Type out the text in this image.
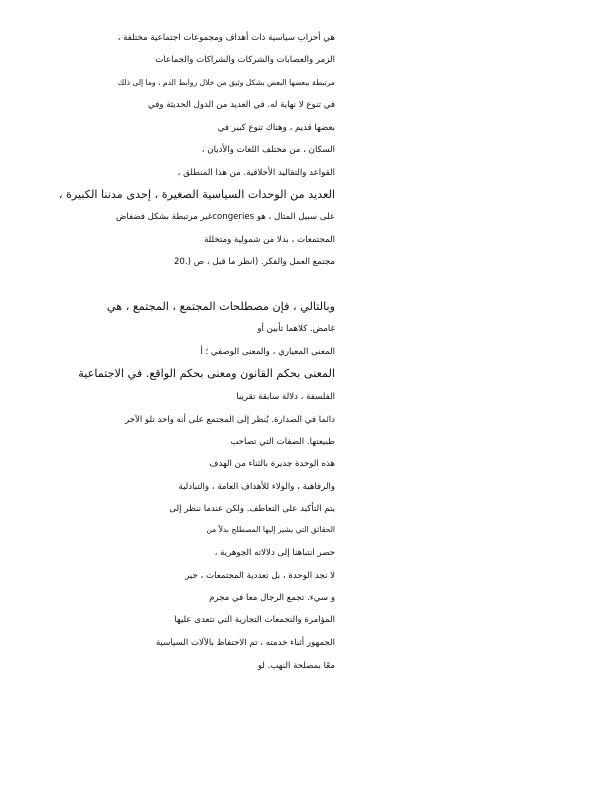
هي أحزاب سياسية ذات أهداف ومجموعات اجتماعية مختلفة ،
الزمر والعصابات والشركات والشراكات والجماعات
مرتبطة ببعضها البعض بشكل وثيق من خلال روابط الدم ، وما إلى ذلك
في تنوع لا نهاية له. في العديد من الدول الحديثة وفي
بعضها قديم ، وهناك تنوع كبير في
السكان ، من مختلف اللغات والأديان ،
القواعد والتقاليد الأخلاقية. من هذا المنطلق ،
العديد من الوحدات السياسية الصغيرة ، إحدى مدننا الكبيرة ،
على سبيل المثال ، هو congeriesغير مرتبطة بشكل فضفاض
المجتمعات ، بدلا من شمولية ومتخللة
مجتمع العمل والفكر. (انظر ما قبل ، ص (.20
وبالتالي ، فإن مصطلحات المجتمع ، المجتمع ، هي
غامض. كلاهما تأبين أو
المعنى المعياري ، والمعنى الوصفي ؛ أ
المعنى بحكم القانون ومعنى بحكم الواقع. في الاجتماعية
الفلسفة ، دلالة سابقة تقريبا
دائما في الصدارة. يُنظر إلى المجتمع على أنه واحد تلو الآخر
طبيعتها. الصفات التي تصاحب
هذه الوحدة جديرة بالثناء من الهدف
والرفاهية ، والولاء للأهداف العامة ، والتبادلية
يتم التأكيد على التعاطف. ولكن عندما ننظر إلى
الحقائق التي يشير إليها المصطلح بدلاً من
حصر انتباهنا إلى دلالاته الجوهرية ،
لا نجد الوحدة ، بل تعددية المجتمعات ، خير
و سيء. تجمع الرجال معا في مجرم
المؤامرة والتجمعات التجارية التي تتعدى عليها
الجمهور أثناء خدمته ، تم الاحتفاظ بالآلات السياسية
معًا بمصلحة النهب. لو
